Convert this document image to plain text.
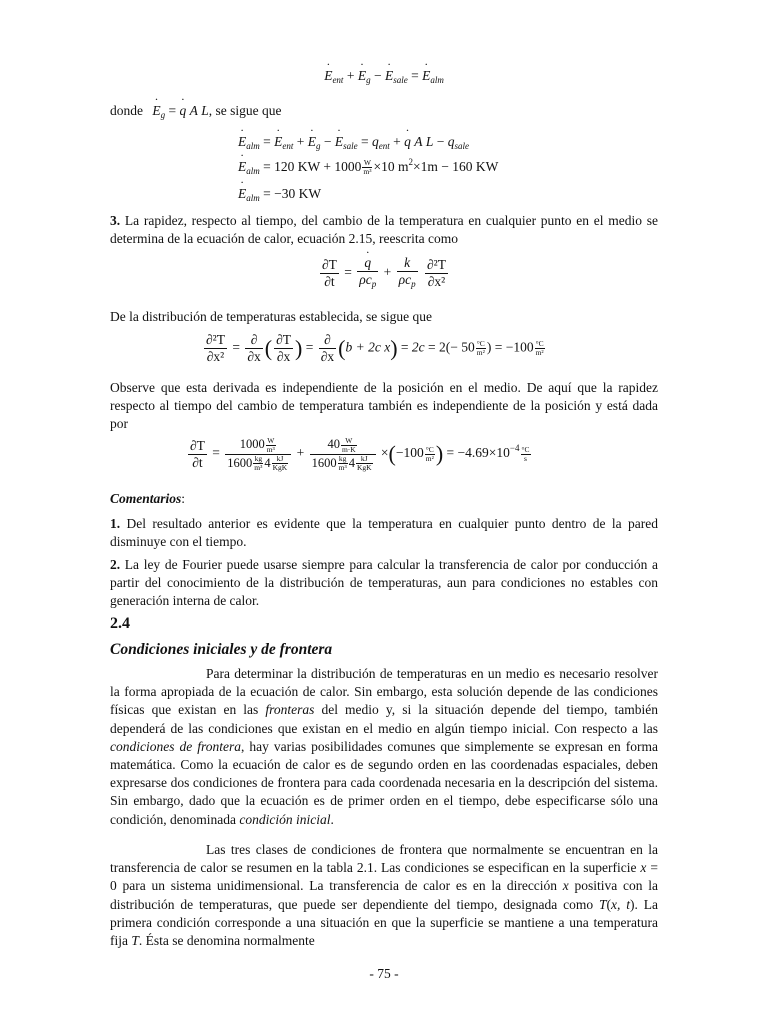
· $E_{ent}$ + · $E_g$ − · $E_{sale}$ = · $E_{alm}$
donde · $E_g$ = · q A L, se sigue que
· $E_{alm}$ = · $E_{ent}$ + · $E_g$ − · $E_{sale} = q_{ent}$ + · q A $L - q_{sale}$
· $E_{alm} = 120$ KW + $1000 \frac{W}{\text{m³}} \times 10$ $m^2\times 1m - 160$ KW
· $E_{alm} = -30$ KW
3. La rapidez, respecto al tiempo, del cambio de la temperatura en cualquier punto en el medio se determina de la ecuación de calor, ecuación 2.15, reescrita como
$\frac{\partial T}{\partial t}$ = · $\frac{q}{\rho c_p} + \frac{k}{\rho c_p}$
$\frac{\text{∂²T}}{\text{∂x²}}$
De la distribución de temperaturas establecida, se sigue que
$\frac{\text{∂²T}}{\text{∂x²}} = \frac{\partial}{\partial x}$ ( $\frac{\partial T}{\partial x}$ ) = $\frac{\partial}{\partial x} (b + 2c$ $x) = 2c = 2(- 50 \frac{^\circ C}{\text{m²}}$ ) = $-100 \frac{^\circ C}{\text{m²}}$
Observe que esta derivada es independiente de la posición en el medio. De aquí que la rapidez respecto al tiempo del cambio de temperatura también es independiente de la posición y está dada por
$\frac{\partial T}{\partial t} = 1000 \frac{W}{\text{m³}}$
$1600 \frac{kg}{\text{m³}} 4$ kJ
KgK + $40 \frac{W}{m\cdot K}$
$1600 \frac{kg}{\text{m³}} 4$ kJ
KgK $\times(-100 \frac{^\circ C}{\text{m²}}$ ) = $-4.69\times 10^{-4} \frac{^\circ C}{s}$
Comentarios:
1. Del resultado anterior es evidente que la temperatura en cualquier punto dentro de la pared disminuye con el tiempo.
2. La ley de Fourier puede usarse siempre para calcular la transferencia de calor por conducción a partir del conocimiento de la distribución de temperaturas, aun para condiciones no estables con generación interna de calor.
2.4
Condiciones iniciales y de frontera
Para determinar la distribución de temperaturas en un medio es necesario resolver la forma apropiada de la ecuación de calor. Sin embargo, esta solución depende de las condiciones físicas que existan en las fronteras del medio y, si la situación depende del tiempo, también dependerá de las condiciones que existan en el medio en algún tiempo inicial. Con respecto a las condiciones de frontera, hay varias posibilidades comunes que simplemente se expresan en forma matemática. Como la ecuación de calor es de segundo orden en las coordenadas espaciales, deben expresarse dos condiciones de frontera para cada coordenada necesaria en la descripción del sistema. Sin embargo, dado que la ecuación es de primer orden en el tiempo, debe especificarse sólo una condición, denominada condición inicial.
Las tres clases de condiciones de frontera que normalmente se encuentran en la transferencia de calor se resumen en la tabla 2.1. Las condiciones se especifican en la superficie x = 0 para un sistema unidimensional. La transferencia de calor es en la dirección x positiva con la distribución de temperaturas, que puede ser dependiente del tiempo, designada como T(x, t). La primera condición corresponde a una situación en que la superficie se mantiene a una temperatura fija T. Ésta se denomina normalmente
- 75 -
